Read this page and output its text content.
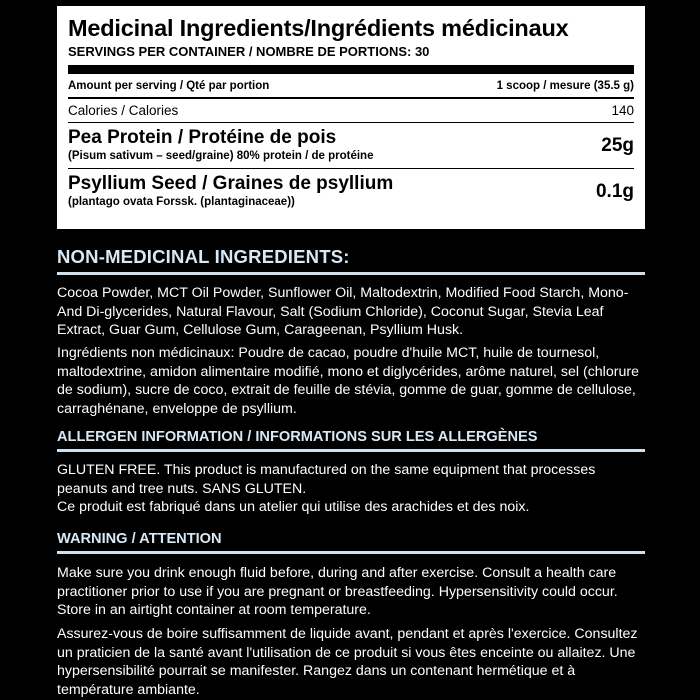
Medicinal Ingredients/Ingrédients médicinaux
SERVINGS PER CONTAINER / NOMBRE DE PORTIONS: 30
Amount per serving / Qté par portion	1 scoop / mesure (35.5 g)
Calories / Calories	140
Pea Protein / Protéine de pois
(Pisum sativum – seed/graine) 80% protein / de protéine
25g
Psyllium Seed / Graines de psyllium
(plantago ovata Forssk. (plantaginaceae))
0.1g
NON-MEDICINAL INGREDIENTS:
Cocoa Powder, MCT Oil Powder, Sunflower Oil, Maltodextrin, Modified Food Starch, Mono- And Di-glycerides, Natural Flavour, Salt (Sodium Chloride), Coconut Sugar, Stevia Leaf Extract, Guar Gum, Cellulose Gum, Carageenan, Psyllium Husk.
Ingrédients non médicinaux: Poudre de cacao, poudre d'huile MCT, huile de tournesol, maltodextrine, amidon alimentaire modifié, mono et diglycérides, arôme naturel, sel (chlorure de sodium), sucre de coco, extrait de feuille de stévia, gomme de guar, gomme de cellulose, carraghénane, enveloppe de psyllium.
ALLERGEN INFORMATION / INFORMATIONS SUR LES ALLERGÈNES
GLUTEN FREE. This product is manufactured on the same equipment that processes peanuts and tree nuts. SANS GLUTEN.
Ce produit est fabriqué dans un atelier qui utilise des arachides et des noix.
WARNING / ATTENTION
Make sure you drink enough fluid before, during and after exercise. Consult a health care practitioner prior to use if you are pregnant or breastfeeding. Hypersensitivity could occur. Store in an airtight container at room temperature.
Assurez-vous de boire suffisamment de liquide avant, pendant et après l'exercice. Consultez un praticien de la santé avant l'utilisation de ce produit si vous êtes enceinte ou allaitez. Une hypersensibilité pourrait se manifester. Rangez dans un contenant hermétique et à température ambiante.
